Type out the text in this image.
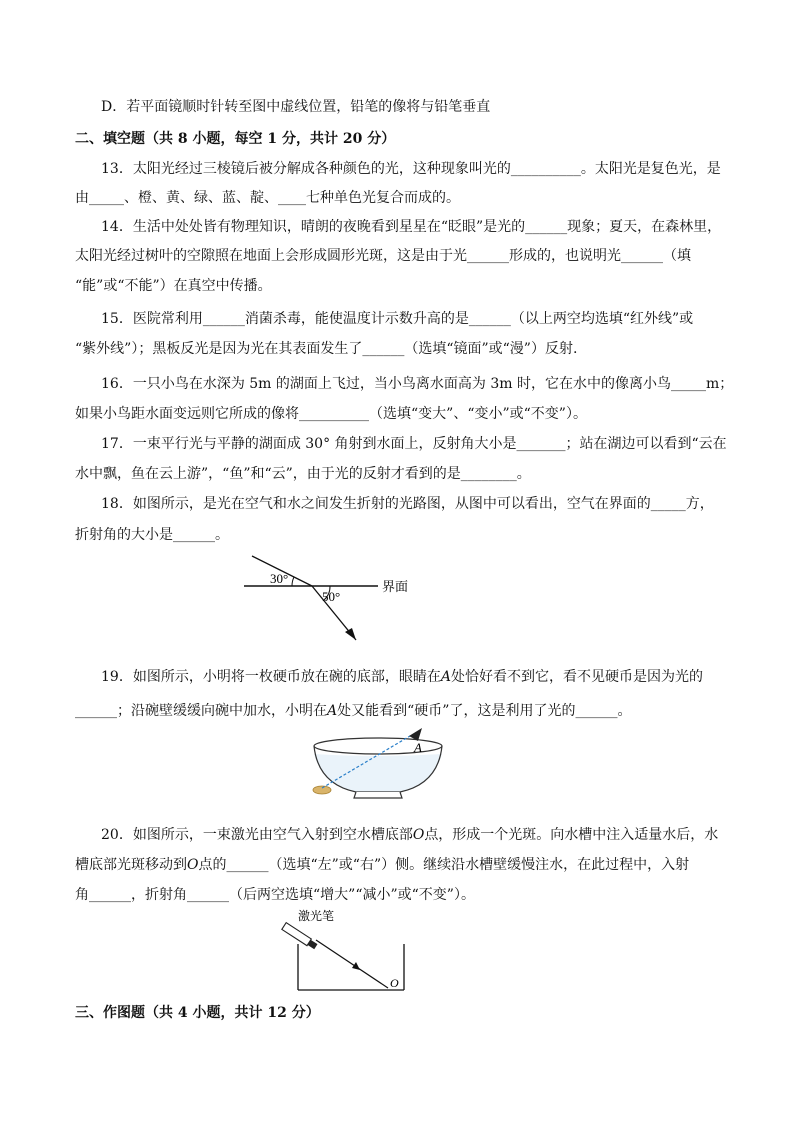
D．若平面镜顺时针转至图中虚线位置，铅笔的像将与铅笔垂直
二、填空题（共 8 小题，每空 1 分，共计 20 分）
13．太阳光经过三棱镜后被分解成各种颜色的光，这种现象叫光的__________。太阳光是复色光，是
由_____、橙、黄、绿、蓝、靛、____七种单色光复合而成的。
14．生活中处处皆有物理知识，晴朗的夜晚看到星星在“眨眼”是光的______现象；夏天，在森林里，
太阳光经过树叶的空隙照在地面上会形成圆形光斑，这是由于光______形成的，也说明光______（填
“能”或“不能”）在真空中传播。
15．医院常利用______消菌杀毒，能使温度计示数升高的是______（以上两空均选填“红外线”或
“紫外线”）；黑板反光是因为光在其表面发生了______（选填“镜面”或“漫”）反射.
16．一只小鸟在水深为 5m 的湖面上飞过，当小鸟离水面高为 3m 时，它在水中的像离小鸟_____m；
如果小鸟距水面变远则它所成的像将__________（选填“变大”、“变小”或“不变”）。
17．一束平行光与平静的湖面成 30° 角射到水面上，反射角大小是_______；站在湖边可以看到“云在
水中飘，鱼在云上游”，“鱼”和“云”，由于光的反射才看到的是________。
18．如图所示，是光在空气和水之间发生折射的光路图，从图中可以看出，空气在界面的_____方，
折射角的大小是______。
30°
50°
界面
19．如图所示，小明将一枚硬币放在碗的底部，眼睛在A处恰好看不到它，看不见硬币是因为光的
______；沿碗壁缓缓向碗中加水，小明在A处又能看到“硬币”了，这是利用了光的______。
A
20．如图所示，一束激光由空气入射到空水槽底部O点，形成一个光斑。向水槽中注入适量水后，水
槽底部光斑移动到O点的______（选填“左”或“右”）侧。继续沿水槽壁缓慢注水，在此过程中，入射
角______，折射角______（后两空选填“增大”“减小”或“不变”）。
激光笔
O
三、作图题（共 4 小题，共计 12 分）
